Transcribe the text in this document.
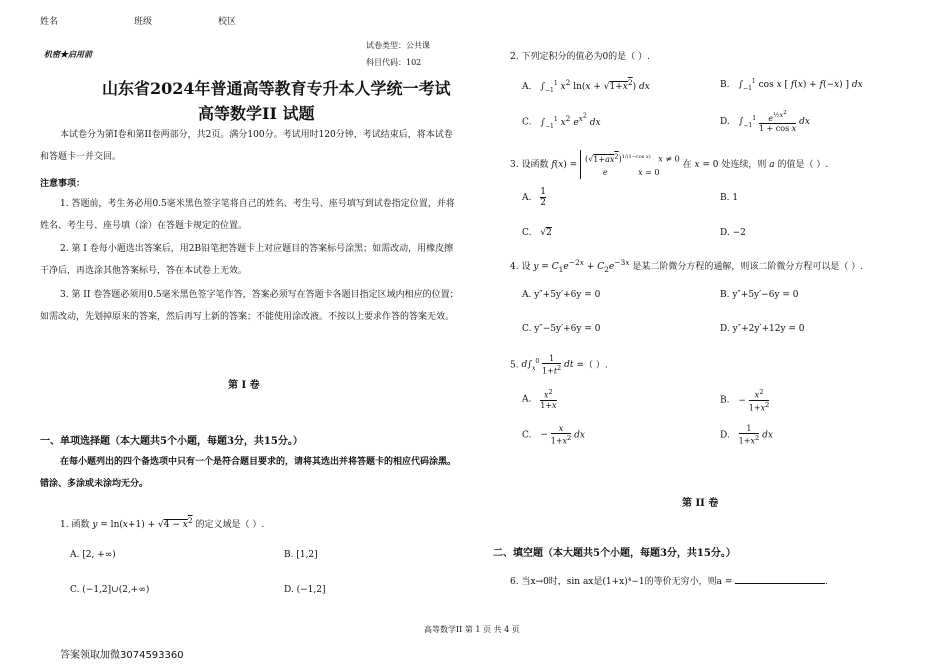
姓名	班级	校区
试卷类型：公共课
机密★启用前
科目代码：102
山东省2024年普通高等教育专升本人学统一考试
高等数学II 试题
本试卷分为第I卷和第II卷两部分，共2页。满分100分。考试用时120分钟，考试结束后，将本试卷和答题卡一并交回。
注意事项：
1. 答题前，考生务必用0.5毫米黑色签字笔将自己的姓名、考生号、座号填写到试卷指定位置，并将姓名、考生号、座号填（涂）在答题卡规定的位置。
2. 第 I 卷每小题选出答案后，用2B铅笔把答题卡上对应题目的答案标号涂黑；如需改动，用橡皮擦干净后，再选涂其他答案标号，答在本试卷上无效。
3. 第 II 卷答题必须用0.5毫米黑色签字笔作答，答案必须写在答题卡各题目指定区域内相应的位置；如需改动，先划掉原来的答案，然后再写上新的答案；不能使用涂改液。不按以上要求作答的答案无效。
第 I 卷
一、单项选择题（本大题共5个小题，每题3分，共15分。）
在每小题列出的四个备选项中只有一个是符合题目要求的，请将其选出并将答题卡的相应代码涂黑。错涂、多涂或未涂均无分。
1. 函数 $y = \ln(x+1) + √4 - x^2$ 的定义域是（ ）.
A. [2, +∞)	B. [1,2]
C. (−1,2]∪(2,+∞)	D. (−1,2]
2. 下列定积分的值必为0的是（ ）.
A. $\int_{-1}^1$ $x^2$ $\ln(x + √1+x^2)$ dx	B. $\int_{-1}^1$ cos x [ f(x) + f(−x) ] dx
C. $\int_{-1}^1$ $x^2$ $e^{x^2}$ dx	D. $\int_{-1}^1 \frac{e^{\frac{1}{2}x^2}}{\text{1 + cos x}}$ dx
3. 设函数 f(x) =
$(√1+ax^2)^{1/(1-cos x)}$ x ≠ 0
e	x = 0
在 x = 0 处连续，则 a 的值是（ ）.
A. $\frac{1}{2}$	B. 1
C. √2	D. −2
4. 设 $y = C_1e^{-2x} + C_2e^{-3x}$ 是某二阶微分方程的通解，则该二阶微分方程可以是（ ）.
A. y″+5y′+6y = 0	B. y″+5y′−6y = 0
C. y″−5y′+6y = 0	D. y″+2y′+12y = 0
5. $d\int_x^0 \frac{1}{1+t^2}$ dt =（ ）.
A. $\frac{x^2}{1+x}$	B. − $\frac{x^2}{1+x^2}$
C. − $\frac{x}{1+x^2}$ dx	D. $\frac{1}{1+x^2}$ dx
第 II 卷
二、填空题（本大题共5个小题，每题3分，共15分。）
6. 当x→0时，sin ax是(1+x)⁴−1的等价无穷小，则a =	.
高等数学II 第 1 页 共 4 页
答案领取加微3074593360
